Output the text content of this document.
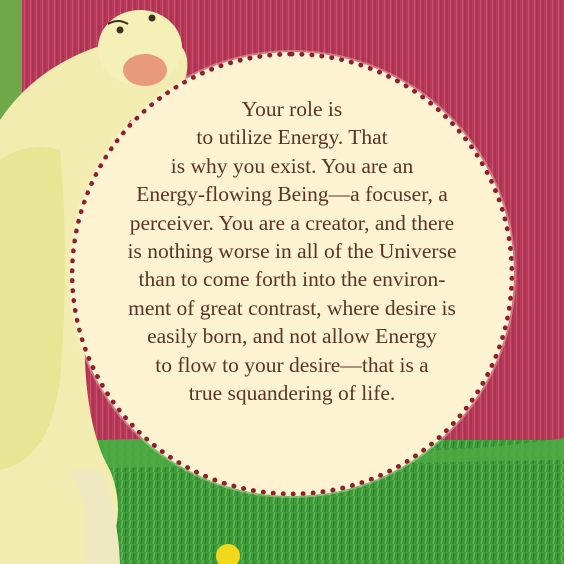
Your role is
to utilize Energy. That
is why you exist. You are an
Energy-flowing Being—a focuser, a
perceiver. You are a creator, and there
is nothing worse in all of the Universe
than to come forth into the environ-
ment of great contrast, where desire is
easily born, and not allow Energy
to flow to your desire—that is a
true squandering of life.
